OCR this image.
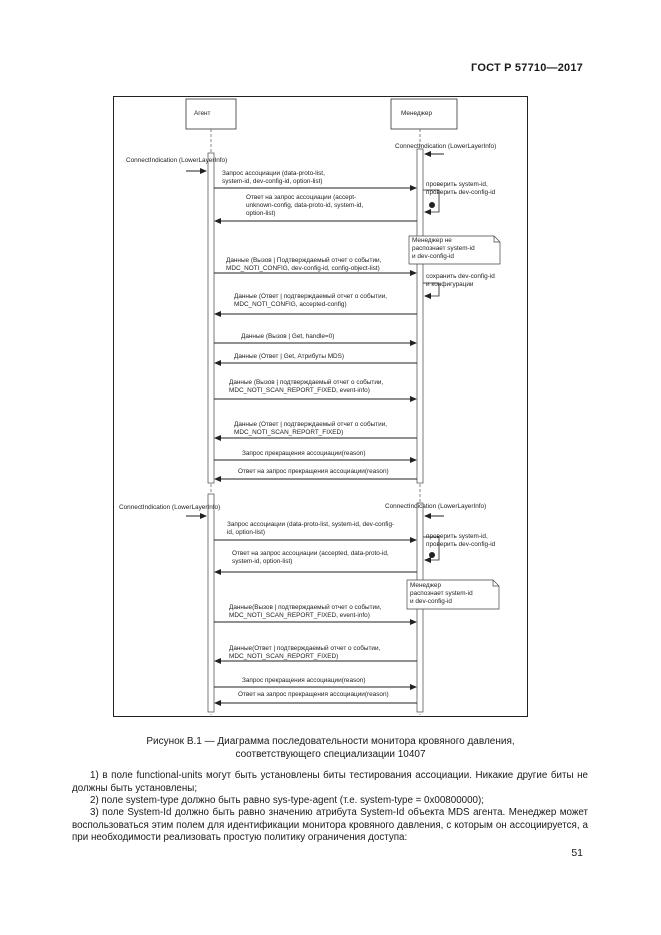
ГОСТ Р 57710—2017
Агент	Менеджер
ConnectIndication (LowerLayerInfo)
ConnectIndication (LowerLayerInfo)
ConnectIndication (LowerLayerInfo)	ConnectIndication (LowerLayerInfo)
Запрос ассоциации (data-proto-list,
system-id, dev-config-id, option-list)
Ответ на запрос ассоциации (accept-
unknown-config, data-proto-id, system-id,
option-list)
Данные (Вызов | Подтверждаемый отчет о событии,
MDC_NOTI_CONFIG, dev-config-id, config-object-list)
Данные (Ответ | подтверждаемый отчет о событии,
MDC_NOTI_CONFIG, accepted-config)
Данные (Вызов | Get, handle=0)
Данные (Ответ | Get, Атрибуты MDS)
Данные (Вызов | подтверждаемый отчет о событии,
MDC_NOTI_SCAN_REPORT_FIXED, event-info)
Данные (Ответ | подтверждаемый отчет о событии,
MDC_NOTI_SCAN_REPORT_FIXED)
Запрос прекращения ассоциации(reason)
Ответ на запрос прекращения ассоциации(reason)
Запрос ассоциации (data-proto-list, system-id, dev-config-
id, option-list)
Ответ на запрос ассоциации (accepted, data-proto-id,
system-id, option-list)
Данные(Вызов | подтверждаемый отчет о событии,
MDC_NOTI_SCAN_REPORT_FIXED, event-info)
Данные(Ответ | подтверждаемый отчет о событии,
MDC_NOTI_SCAN_REPORT_FIXED)
Запрос прекращения ассоциации(reason)
Ответ на запрос прекращения ассоциации(reason)
проверить system-id,
проверить dev-config-id
сохранить dev-config-id
и конфигурации
проверить system-id,
проверить dev-config-id
Менеджер не
распознает system-id
и dev-config-id
Менеджер
распознает system-id
и dev-config-id
Рисунок В.1 — Диаграмма последовательности монитора кровяного давления,
соответствующего специализации 10407
1) в поле functional-units могут быть установлены биты тестирования ассоциации. Никакие другие биты не должны быть установлены;
2) поле system-type должно быть равно sys-type-agent (т.е. system-type = 0x00800000);
3) поле System-Id должно быть равно значению атрибута System-Id объекта MDS агента. Менеджер может воспользоваться этим полем для идентификации монитора кровяного давления, с которым он ассоциируется, а при необходимости реализовать простую политику ограничения доступа:
51
